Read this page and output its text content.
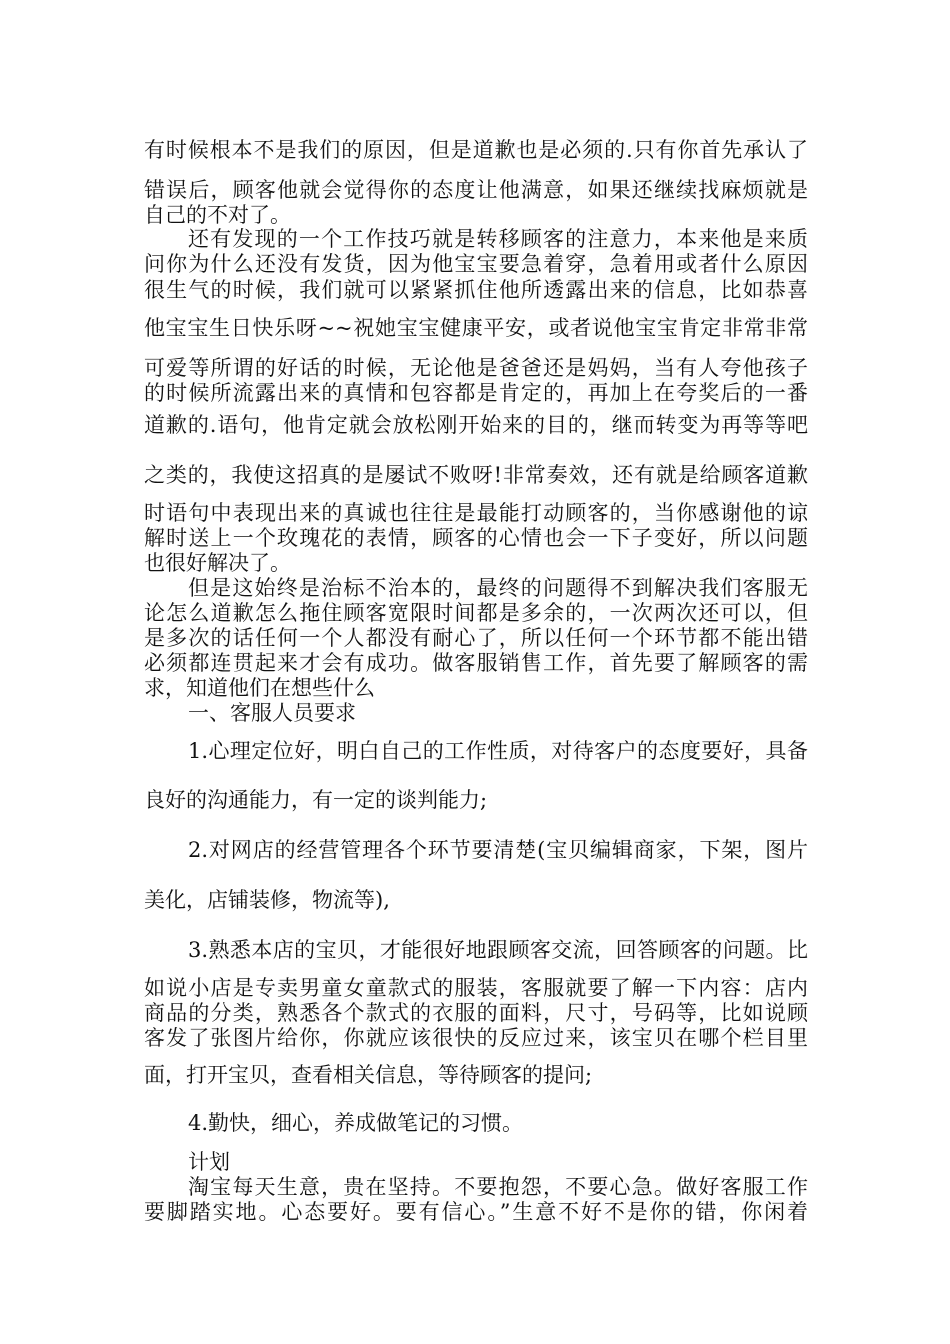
有时候根本不是我们的原因，但是道歉也是必须的.只有你首先承认了
错误后，顾客他就会觉得你的态度让他满意，如果还继续找麻烦就是
自己的不对了。
还有发现的一个工作技巧就是转移顾客的注意力，本来他是来质
问你为什么还没有发货，因为他宝宝要急着穿，急着用或者什么原因
很生气的时候，我们就可以紧紧抓住他所透露出来的信息，比如恭喜
他宝宝生日快乐呀~~祝她宝宝健康平安，或者说他宝宝肯定非常非常
可爱等所谓的好话的时候，无论他是爸爸还是妈妈，当有人夸他孩子
的时候所流露出来的真情和包容都是肯定的，再加上在夸奖后的一番
道歉的.语句，他肯定就会放松刚开始来的目的，继而转变为再等等吧
之类的，我使这招真的是屡试不败呀!非常奏效，还有就是给顾客道歉
时语句中表现出来的真诚也往往是最能打动顾客的，当你感谢他的谅
解时送上一个玫瑰花的表情，顾客的心情也会一下子变好，所以问题
也很好解决了。
但是这始终是治标不治本的，最终的问题得不到解决我们客服无
论怎么道歉怎么拖住顾客宽限时间都是多余的，一次两次还可以，但
是多次的话任何一个人都没有耐心了，所以任何一个环节都不能出错
必须都连贯起来才会有成功。做客服销售工作，首先要了解顾客的需
求，知道他们在想些什么
一、客服人员要求
1.心理定位好，明白自己的工作性质，对待客户的态度要好，具备
良好的沟通能力，有一定的谈判能力;
2.对网店的经营管理各个环节要清楚(宝贝编辑商家，下架，图片
美化，店铺装修，物流等),
3.熟悉本店的宝贝，才能很好地跟顾客交流，回答顾客的问题。比
如说小店是专卖男童女童款式的服装，客服就要了解一下内容：店内
商品的分类，熟悉各个款式的衣服的面料，尺寸，号码等，比如说顾
客发了张图片给你，你就应该很快的反应过来，该宝贝在哪个栏目里
面，打开宝贝，查看相关信息，等待顾客的提问;
4.勤快，细心，养成做笔记的习惯。
计划
淘宝每天生意，贵在坚持。不要抱怨，不要心急。做好客服工作
要脚踏实地。心态要好。要有信心。”生意不好不是你的错，你闲着
